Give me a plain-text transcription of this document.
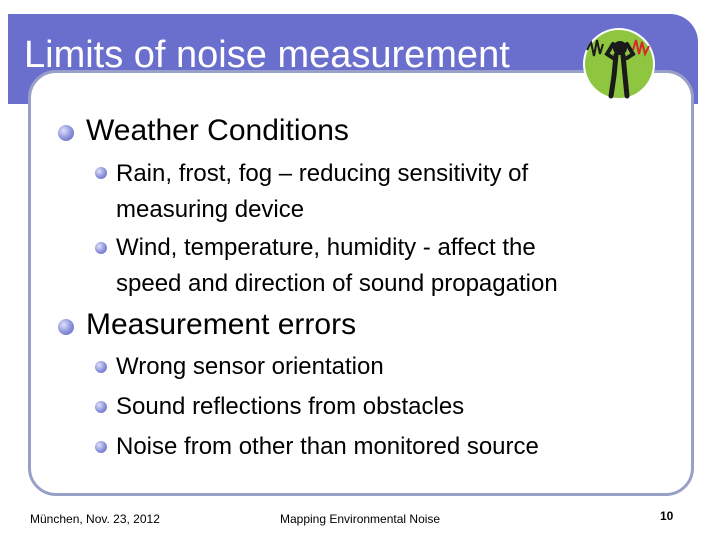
Limits of noise measurement
Weather Conditions
Rain, frost, fog – reducing sensitivity of
measuring device
Wind, temperature, humidity - affect the
speed and direction of sound propagation
Measurement errors
Wrong sensor orientation
Sound reflections from obstacles
Noise from other than monitored source
München, Nov. 23, 2012	Mapping Environmental Noise	10
